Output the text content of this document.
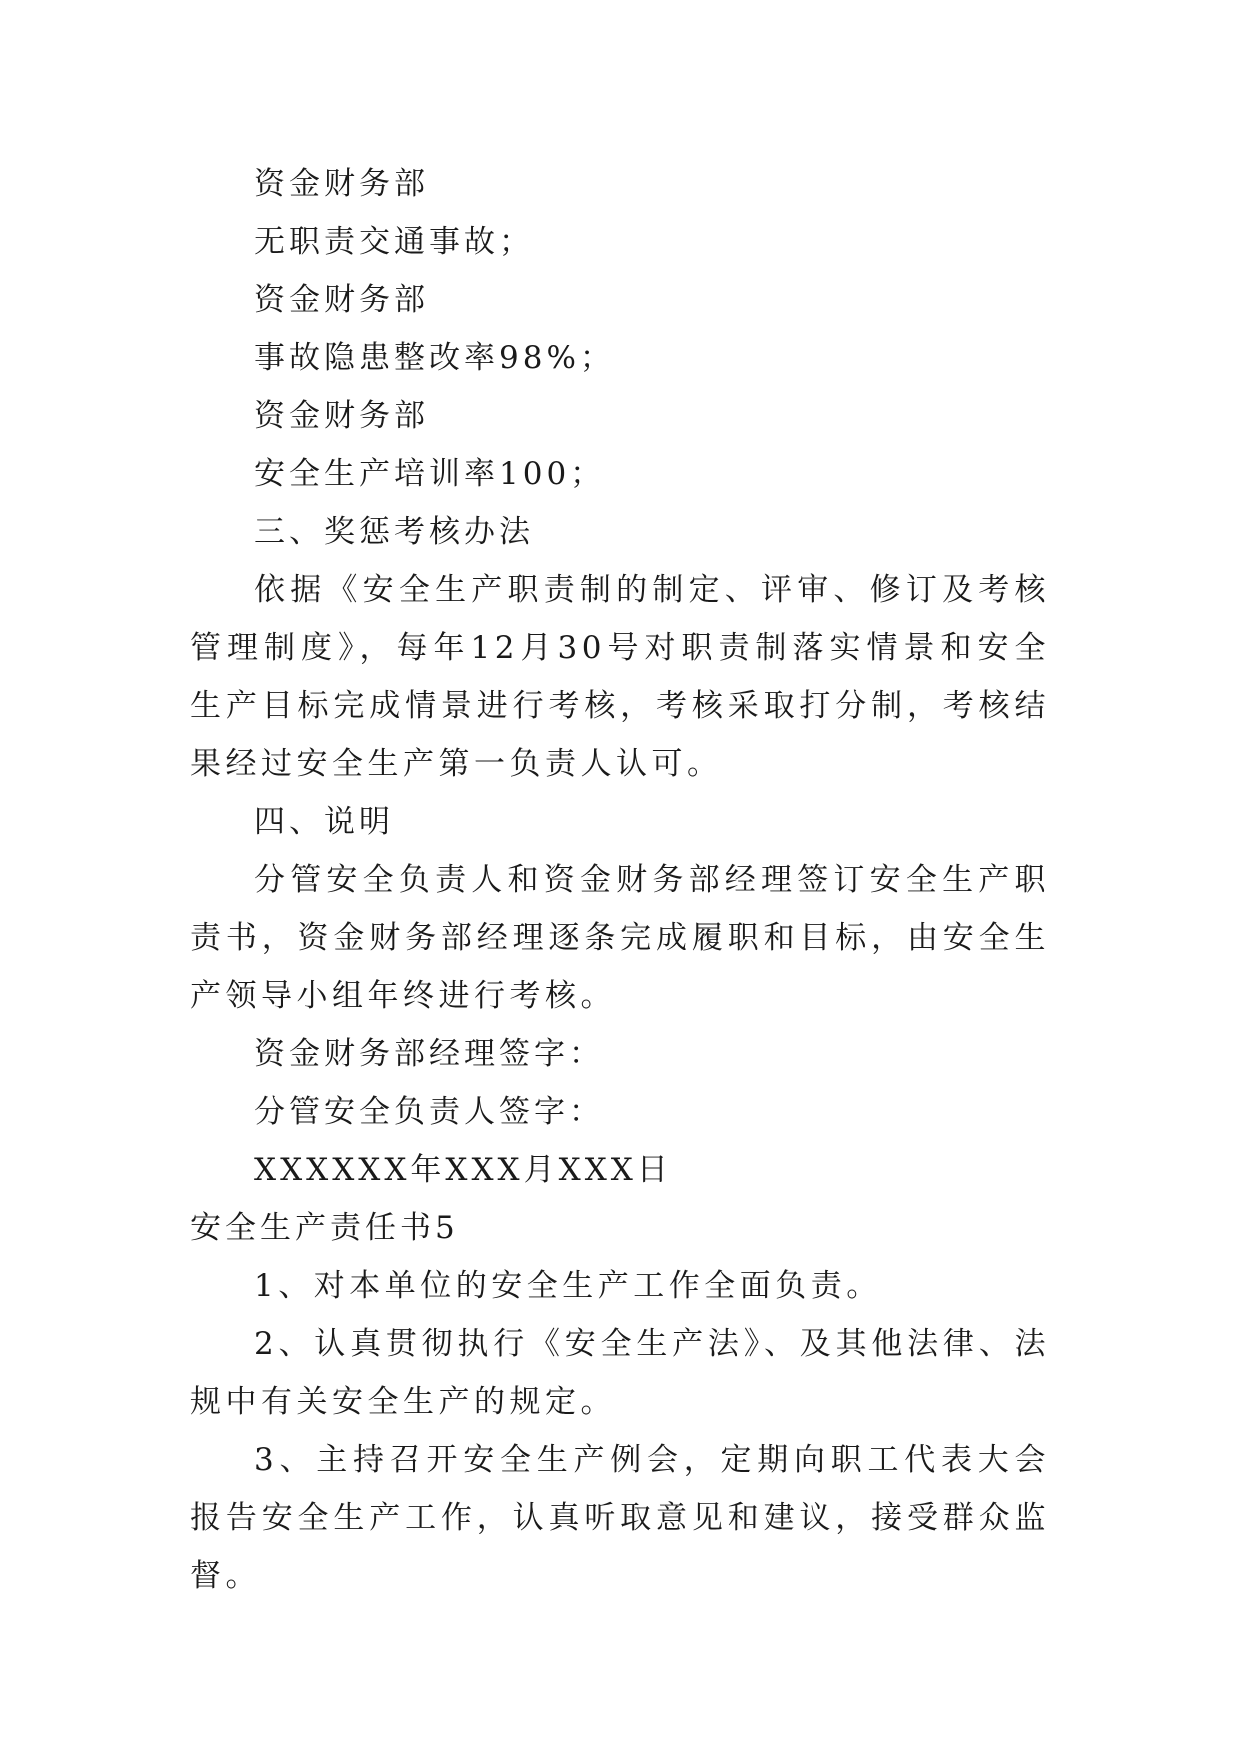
资金财务部
无职责交通事故；
资金财务部
事故隐患整改率98%；
资金财务部
安全生产培训率100；
三、奖惩考核办法
依据《安全生产职责制的制定、评审、修订及考核管理制度》，每年12月30号对职责制落实情景和安全生产目标完成情景进行考核，考核采取打分制，考核结果经过安全生产第一负责人认可。
四、说明
分管安全负责人和资金财务部经理签订安全生产职责书，资金财务部经理逐条完成履职和目标，由安全生产领导小组年终进行考核。
资金财务部经理签字：
分管安全负责人签字：
XXXXXX年XXX月XXX日
安全生产责任书5
1、对本单位的安全生产工作全面负责。
2、认真贯彻执行《安全生产法》、及其他法律、法规中有关安全生产的规定。
3、主持召开安全生产例会，定期向职工代表大会报告安全生产工作，认真听取意见和建议，接受群众监督。
